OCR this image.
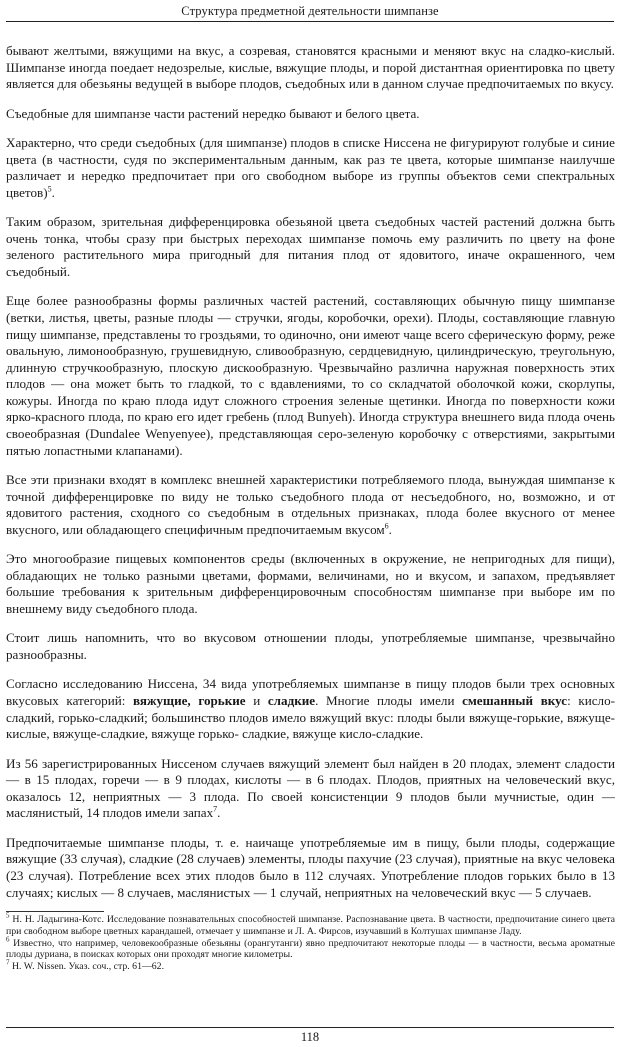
Структура предметной деятельности шимпанзе

бывают желтыми, вяжущими на вкус, а созревая, становятся красными и меняют вкус на сладко-кислый. Шимпанзе иногда поедает недозрелые, кислые, вяжущие плоды, и порой дистантная ориентировка по цвету является для обезьяны ведущей в выборе плодов, съедобных или в данном случае предпочитаемых по вкусу.

Съедобные для шимпанзе части растений нередко бывают и белого цвета.

Характерно, что среди съедобных (для шимпанзе) плодов в списке Ниссена не фигурируют голубые и синие цвета (в частности, судя по экспериментальным данным, как раз те цвета, которые шимпанзе наилучше различает и нередко предпочитает при ого свободном выборе из группы объектов семи спектральных цветов)$^5$.

Таким образом, зрительная дифференцировка обезьяной цвета съедобных частей растений должна быть очень тонка, чтобы сразу при быстрых переходах шимпанзе помочь ему различить по цвету на фоне зеленого растительного мира пригодный для питания плод от ядовитого, иначе окрашенного, чем съедобный.

Еще более разнообразны формы различных частей растений, составляющих обычную пищу шимпанзе (ветки, листья, цветы, разные плоды — стручки, ягоды, коробочки, орехи). Плоды, составляющие главную пищу шимпанзе, представлены то гроздьями, то одиночно, они имеют чаще всего сферическую форму, реже овальную, лимонообразную, грушевидную, сливообразную, сердцевидную, цилиндрическую, треугольную, длинную стручкообразную, плоскую дискообразную. Чрезвычайно различна наружная поверхность этих плодов — она может быть то гладкой, то с вдавлениями, то со складчатой оболочкой кожи, скорлупы, кожуры. Иногда по краю плода идут сложного строения зеленые щетинки. Иногда по поверхности кожи ярко-красного плода, по краю его идет гребень (плод Bunyeh). Иногда структура внешнего вида плода очень своеобразная (Dundalee Wenyenyee), представляющая серо-зеленую коробочку с отверстиями, закрытыми пятью лопастными клапанами).

Все эти признаки входят в комплекс внешней характеристики потребляемого плода, вынуждая шимпанзе к точной дифференцировке по виду не только съедобного плода от несъедобного, но, возможно, и от ядовитого растения, сходного со съедобным в отдельных признаках, плода более вкусного от менее вкусного, или обладающего специфичным предпочитаемым вкусом$^6$.

Это многообразие пищевых компонентов среды (включенных в окружение, не непригодных для пищи), обладающих не только разными цветами, формами, величинами, но и вкусом, и запахом, предъявляет большие требования к зрительным дифференцировочным способностям шимпанзе при выборе им по внешнему виду съедобного плода.

Стоит лишь напомнить, что во вкусовом отношении плоды, употребляемые шимпанзе, чрезвычайно разнообразны.

Согласно исследованию Ниссена, 34 вида употребляемых шимпанзе в пищу плодов были трех основных вкусовых категорий: вяжущие, горькие и сладкие. Многие плоды имели смешанный вкус: кисло-сладкий, горько-сладкий; большинство плодов имело вяжущий вкус: плоды были вяжуще-горькие, вяжуще-кислые, вяжуще-сладкие, вяжуще горько- сладкие, вяжуще кисло-сладкие.

Из 56 зарегистрированных Ниссеном случаев вяжущий элемент был найден в 20 плодах, элемент сладости — в 15 плодах, горечи — в 9 плодах, кислоты — в 6 плодах. Плодов, приятных на человеческий вкус, оказалось 12, неприятных — 3 плода. По своей консистенции 9 плодов были мучнистые, один — маслянистый, 14 плодов имели запах$^7$.

Предпочитаемые шимпанзе плоды, т. е. наичаще употребляемые им в пищу, были плоды, содержащие вяжущие (33 случая), сладкие (28 случаев) элементы, плоды пахучие (23 случая), приятные на вкус человека (23 случая). Потребление всех этих плодов было в 112 случаях. Употребление плодов горьких было в 13 случаях; кислых — 8 случаев, маслянистых — 1 случай, неприятных на человеческий вкус — 5 случаев.

$^5$ Н. Н. Ладыгина-Котс. Исследование познавательных способностей шимпанзе. Распознавание цвета. В частности, предпочитание синего цвета при свободном выборе цветных карандашей, отмечает у шимпанзе и Л. А. Фирсов, изучавший в Колтушах шимпанзе Ладу.

$^6$ Известно, что например, человекообразные обезьяны (орангутанги) явно предпочитают некоторые плоды — в частности, весьма ароматные плоды дуриана, в поисках которых они проходят многие километры.

$^7$ H. W. Nissen. Указ. соч., стр. 61—62.

118
